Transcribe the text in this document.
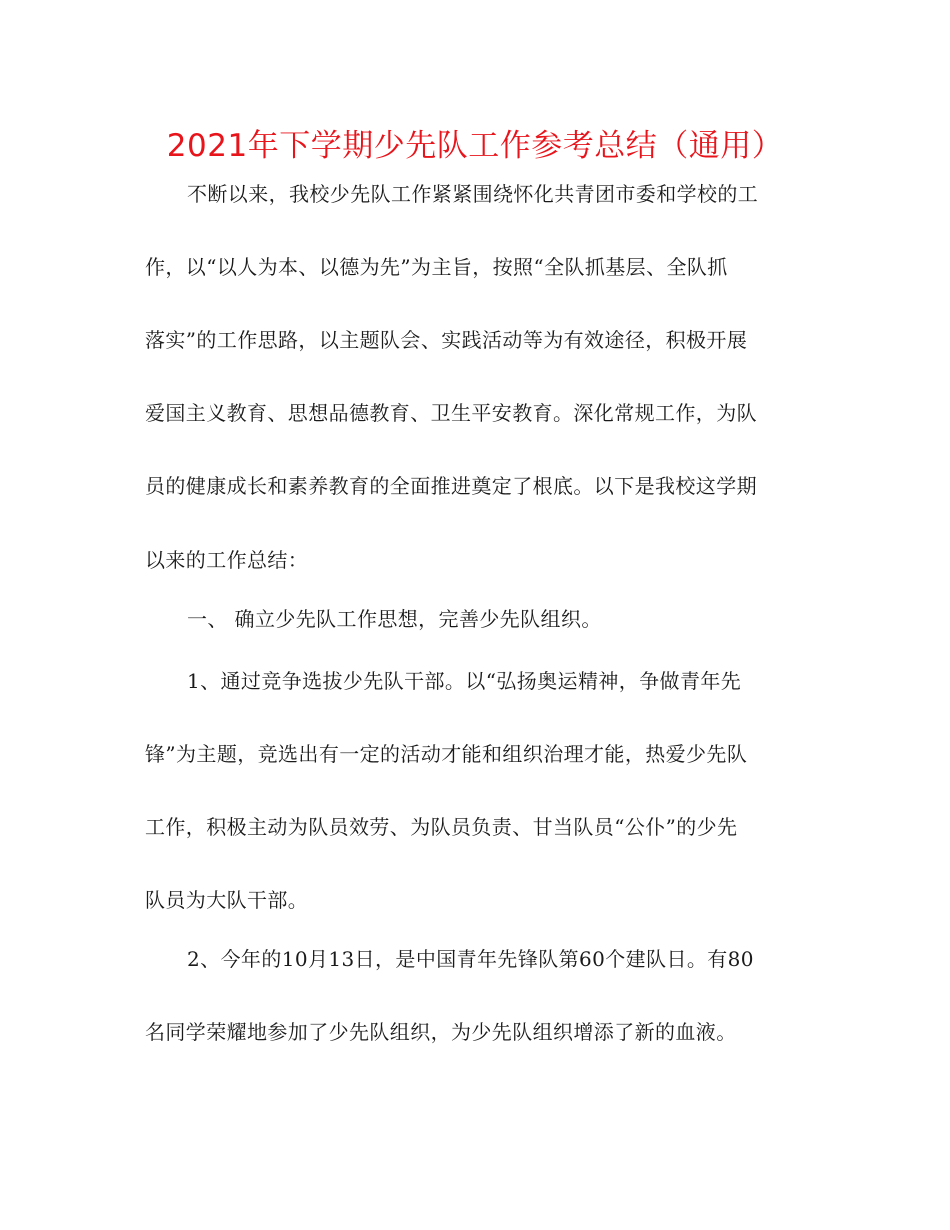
2021年下学期少先队工作参考总结（通用）
不断以来，我校少先队工作紧紧围绕怀化共青团市委和学校的工
作，以“以人为本、以德为先”为主旨，按照“全队抓基层、全队抓
落实”的工作思路，以主题队会、实践活动等为有效途径，积极开展
爱国主义教育、思想品德教育、卫生平安教育。深化常规工作，为队
员的健康成长和素养教育的全面推进奠定了根底。以下是我校这学期
以来的工作总结：
一、 确立少先队工作思想，完善少先队组织。
1、通过竞争选拔少先队干部。以“弘扬奥运精神，争做青年先
锋”为主题，竞选出有一定的活动才能和组织治理才能，热爱少先队
工作，积极主动为队员效劳、为队员负责、甘当队员“公仆”的少先
队员为大队干部。
2、今年的10月13日，是中国青年先锋队第60个建队日。有80
名同学荣耀地参加了少先队组织，为少先队组织增添了新的血液。
